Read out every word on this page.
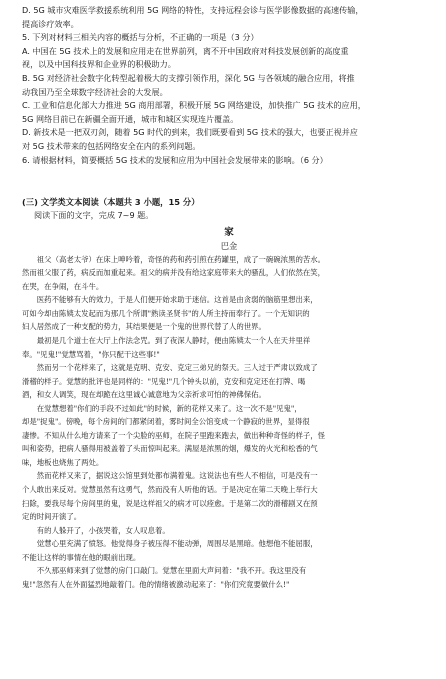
D. 5G 城市灾难医学救援系统利用 5G 网络的特性，支持远程会诊与医学影像数据的高速传输，
提高诊疗效率。
5. 下列对材料三相关内容的概括与分析，不正确的一项是（3 分）
A. 中国在 5G 技术上的发展和应用走在世界前列，离不开中国政府对科技发展创新的高度重
视，以及中国科技界和企业界的积极助力。
B. 5G 对经济社会数字化转型起着极大的支撑引领作用，深化 5G 与各领域的融合应用，将推
动我国乃至全球数字经济社会的大发展。
C. 工业和信息化部大力推进 5G 商用部署，积极开展 5G 网络建设，加快推广 5G 技术的应用，
5G 网络目前已在新疆全面开通，城市和城区实现连片覆盖。
D. 新技术是一把双刃剑，随着 5G 时代的到来，我们既要看到 5G 技术的强大，也要正视并应
对 5G 技术带来的包括网络安全在内的系列问题。
6. 请根据材料，简要概括 5G 技术的发展和应用为中国社会发展带来的影响。（6 分）
(三) 文学类文本阅读（本题共 3 小题，15 分）
阅读下面的文字，完成 7~9 题。
家
巴金
　　祖父（高老太爷）在床上呻吟着，奇怪的药和药引煎在药罐里，成了一碗碗浓黑的苦水。
然而祖父服了药，病反而加重起来。祖父的病并没有给这家庭带来大的骚乱，人们依然在笑，
在哭，在争闹，在斗牛。
　　医药不能够有大的效力，于是人们便开始求助于迷信。这首是由贪弱的脑筋里想出来，
可如今却由陈姨太发起而为那几个所谓"熟读圣贤书"的人所主持而奉行了。一个无知识的
妇人居然成了一种支配的势力，其结果便是一个鬼的世界代替了人的世界。
　　最初是几个道士在大厅上作法念咒。到了夜深人静时，便由陈姨太一个人在天井里祥
奉。"见鬼!"觉慧骂着，"你只配干这些事!"
　　然而另一个花样来了，这就是克明、克安、克定三弟兄的祭天。三人过于严肃以致成了
滑稽的样子。觉慧的批评也是同样的："见鬼!"几个钟头以前，克安和克定还在打牌、喝
酒，和女人调笑，现在却跪在这里诚心诚意地为父亲祈求可怕的神佛保佑。
　　在觉慧想着"你们的手段不过如此"的时候，新的花样又来了。这一次不是"见鬼"，
却是"捉鬼"。傍晚，每个房间的门都紧闭着，雾时间全公馆变成一个静寂的世界，显得很
凄惨。不知从什么地方请来了一个尖脸的巫师，在院子里跑来跑去，做出种种奇怪的样子，怪
叫和姿势，把病人骚得用被盖着了头而惊叫起来。满屋是浓黑的烟，爆发的火光和松香的气
味，地板也烧焦了两处。
　　然而花样又来了，据说这公馆里到处都布满着鬼。这说法也有些人不相信，可是没有一
个人敢出来反对。觉慧虽然有这勇气，然而没有人听他的话。于是决定在第二天晚上举行大
扫除，要我尽每个房间里的鬼，说是这样祖父的病才可以痊愈。于是第二次的滑稽剧又在预
定的时间开演了。
　　有的人躲开了，小孩哭着，女人叹息着。
　　觉慧心里充满了愤怒。他觉得身子被压得不能动弹，周围尽是黑暗。他想他不能屈服，
不能让这样的事情在他的眼前出现。
　　不久那巫师来到了觉慧的房门口敲门。觉慧在里面大声问着："我不开。我这里没有
鬼!"忽然有人在外面猛烈地敲着门。他的情绪被激动起来了："你们究竟要做什么!"
